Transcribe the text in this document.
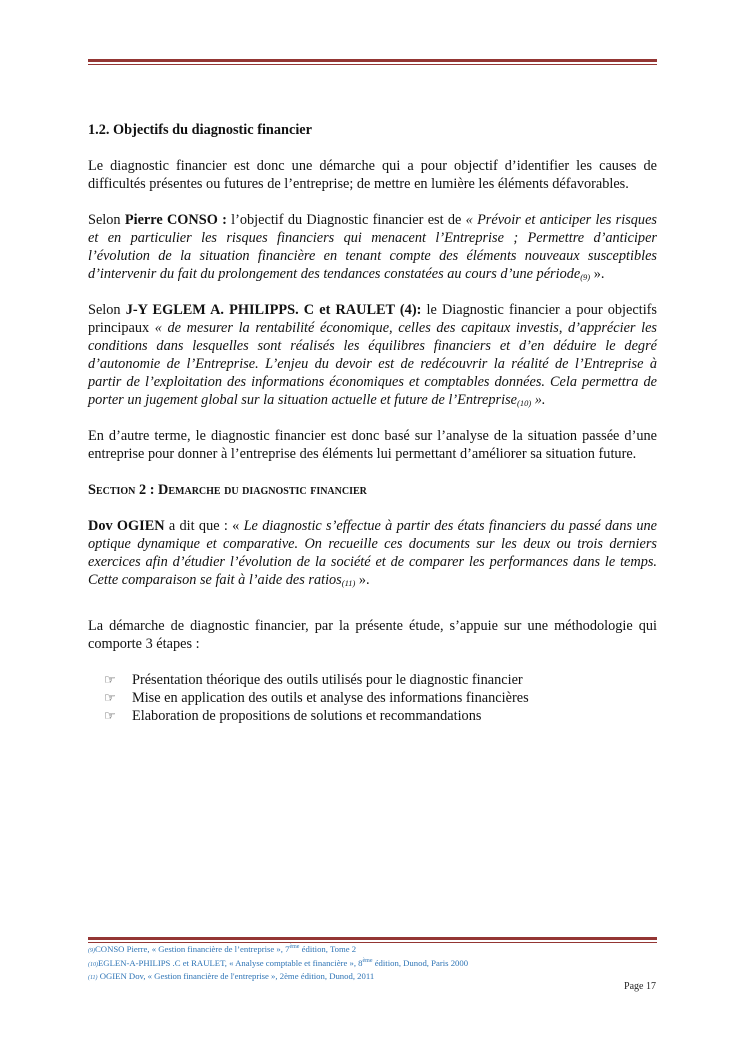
1.2. Objectifs du diagnostic financier

Le diagnostic financier est donc une démarche qui a pour objectif d’identifier les causes de difficultés présentes ou futures de l’entreprise; de mettre en lumière les éléments défavorables.

Selon Pierre CONSO : l’objectif du Diagnostic financier est de « Prévoir et anticiper les risques et en particulier les risques financiers qui menacent l’Entreprise ; Permettre d’anticiper l’évolution de la situation financière en tenant compte des éléments nouveaux susceptibles d’intervenir du fait du prolongement des tendances constatées au cours d’une période$_{(9)}$ ».

Selon J-Y EGLEM A. PHILIPPS. C et RAULET (4): le Diagnostic financier a pour objectifs principaux « de mesurer la rentabilité économique, celles des capitaux investis, d’apprécier les conditions dans lesquelles sont réalisés les équilibres financiers et d’en déduire le degré d’autonomie de l’Entreprise. L’enjeu du devoir est de redécouvrir la réalité de l’Entreprise à partir de l’exploitation des informations économiques et comptables données. Cela permettra de porter un jugement global sur la situation actuelle et future de l’Entreprise$_{(10)}$ ».

En d’autre terme, le diagnostic financier est donc basé sur l’analyse de la situation passée d’une entreprise pour donner à l’entreprise des éléments lui permettant d’améliorer sa situation future.

Section 2 : Demarche du diagnostic financier

Dov OGIEN a dit que : « Le diagnostic s’effectue à partir des états financiers du passé dans une optique dynamique et comparative. On recueille ces documents sur les deux ou trois derniers exercices afin d’étudier l’évolution de la société et de comparer les performances dans le temps. Cette comparaison se fait à l’aide des ratios$_{(11)}$ ».

La démarche de diagnostic financier, par la présente étude, s’appuie sur une méthodologie qui comporte 3 étapes :

☞	Présentation théorique des outils utilisés pour le diagnostic financier
☞	Mise en application des outils et analyse des informations financières
☞	Elaboration de propositions de solutions et recommandations
(9)CONSO Pierre, « Gestion financière de l’entreprise », 7ème édition, Tome 2
(10)EGLEN-A-PHILIPS .C et RAULET, « Analyse comptable et financière », 8ème édition, Dunod, Paris 2000
(11) OGIEN Dov, « Gestion financière de l'entreprise », 2ème édition, Dunod, 2011
Page 17
